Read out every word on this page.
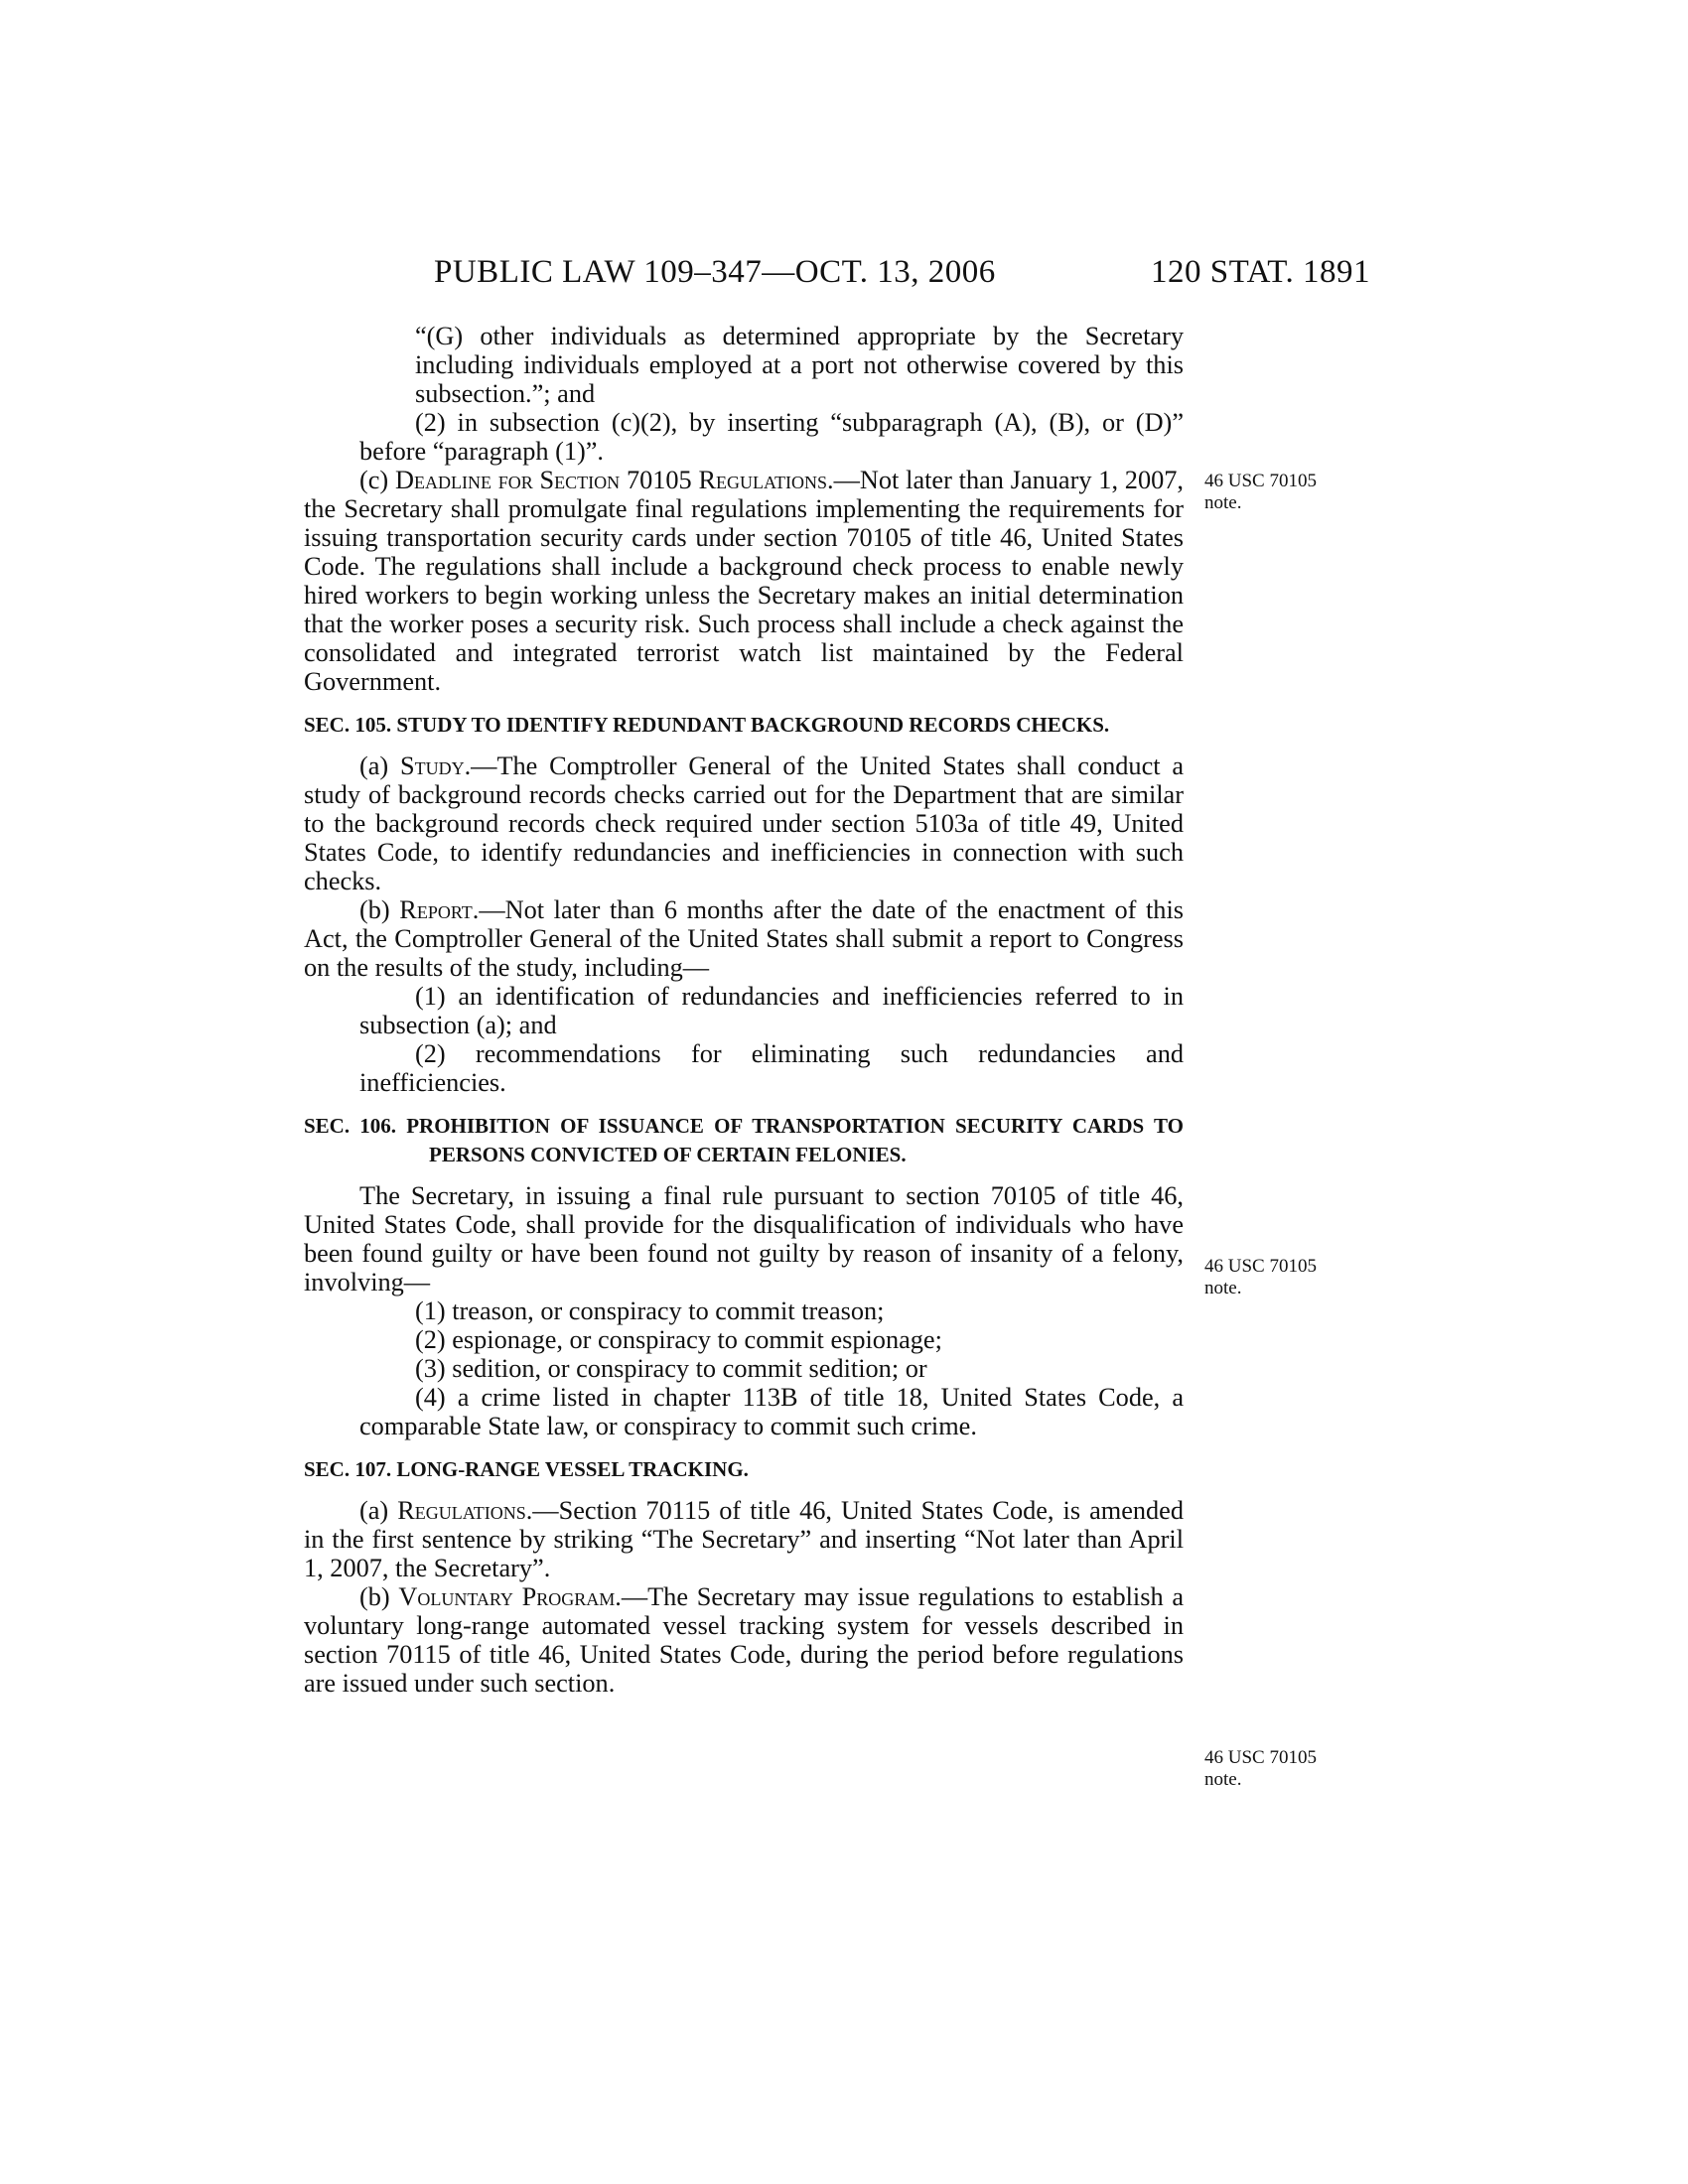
PUBLIC LAW 109–347—OCT. 13, 2006	120 STAT. 1891

“(G) other individuals as determined appropriate by the Secretary including individuals employed at a port not otherwise covered by this subsection.”; and

(2) in subsection (c)(2), by inserting “subparagraph (A), (B), or (D)” before “paragraph (1)”.

(c) Deadline for Section 70105 Regulations.—Not later than January 1, 2007, the Secretary shall promulgate final regulations implementing the requirements for issuing transportation security cards under section 70105 of title 46, United States Code. The regulations shall include a background check process to enable newly hired workers to begin working unless the Secretary makes an initial determination that the worker poses a security risk. Such process shall include a check against the consolidated and integrated terrorist watch list maintained by the Federal Government.

SEC. 105. STUDY TO IDENTIFY REDUNDANT BACKGROUND RECORDS CHECKS.

(a) Study.—The Comptroller General of the United States shall conduct a study of background records checks carried out for the Department that are similar to the background records check required under section 5103a of title 49, United States Code, to identify redundancies and inefficiencies in connection with such checks.

(b) Report.—Not later than 6 months after the date of the enactment of this Act, the Comptroller General of the United States shall submit a report to Congress on the results of the study, including—

(1) an identification of redundancies and inefficiencies referred to in subsection (a); and

(2) recommendations for eliminating such redundancies and inefficiencies.

SEC. 106. PROHIBITION OF ISSUANCE OF TRANSPORTATION SECURITY CARDS TO PERSONS CONVICTED OF CERTAIN FELONIES.

The Secretary, in issuing a final rule pursuant to section 70105 of title 46, United States Code, shall provide for the disqualification of individuals who have been found guilty or have been found not guilty by reason of insanity of a felony, involving—

(1) treason, or conspiracy to commit treason;

(2) espionage, or conspiracy to commit espionage;

(3) sedition, or conspiracy to commit sedition; or

(4) a crime listed in chapter 113B of title 18, United States Code, a comparable State law, or conspiracy to commit such crime.

SEC. 107. LONG-RANGE VESSEL TRACKING.

(a) Regulations.—Section 70115 of title 46, United States Code, is amended in the first sentence by striking “The Secretary” and inserting “Not later than April 1, 2007, the Secretary”.

(b) Voluntary Program.—The Secretary may issue regulations to establish a voluntary long-range automated vessel tracking system for vessels described in section 70115 of title 46, United States Code, during the period before regulations are issued under such section.

46 USC 70105
note.
46 USC 70105
note.
46 USC 70105
note.
